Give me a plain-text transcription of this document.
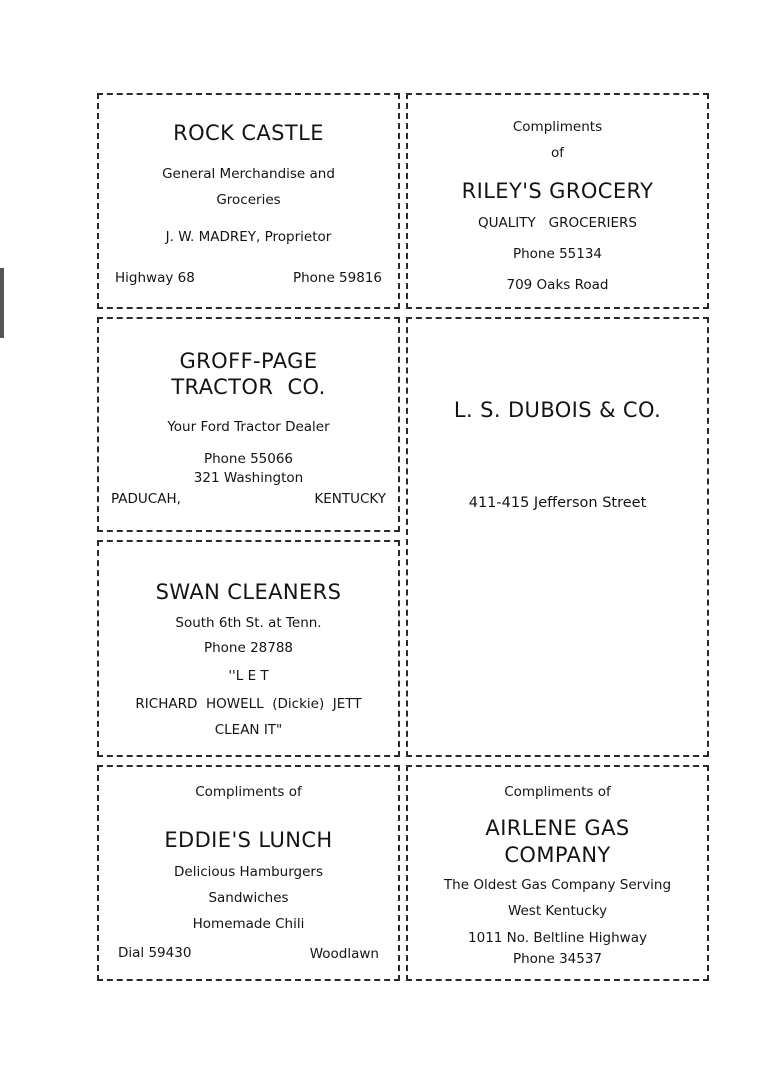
ROCK CASTLE
General Merchandise and
Groceries
J. W. MADREY, Proprietor
Highway 68	Phone 59816
Compliments
of
RILEY'S GROCERY
QUALITY   GROCERIERS
Phone 55134
709 Oaks Road
GROFF-PAGE
TRACTOR  CO.
Your Ford Tractor Dealer
Phone 55066
321 Washington
PADUCAH,	KENTUCKY
L. S. DUBOIS & CO.
411-415 Jefferson Street
SWAN CLEANERS
South 6th St. at Tenn.
Phone 28788
''L E T
RICHARD  HOWELL  (Dickie)  JETT
CLEAN IT"
Compliments of
EDDIE'S LUNCH
Delicious Hamburgers
Sandwiches
Homemade Chili
Dial 59430	Woodlawn
Compliments of
AIRLENE GAS
COMPANY
The Oldest Gas Company Serving
West Kentucky
1011 No. Beltline Highway
Phone 34537
